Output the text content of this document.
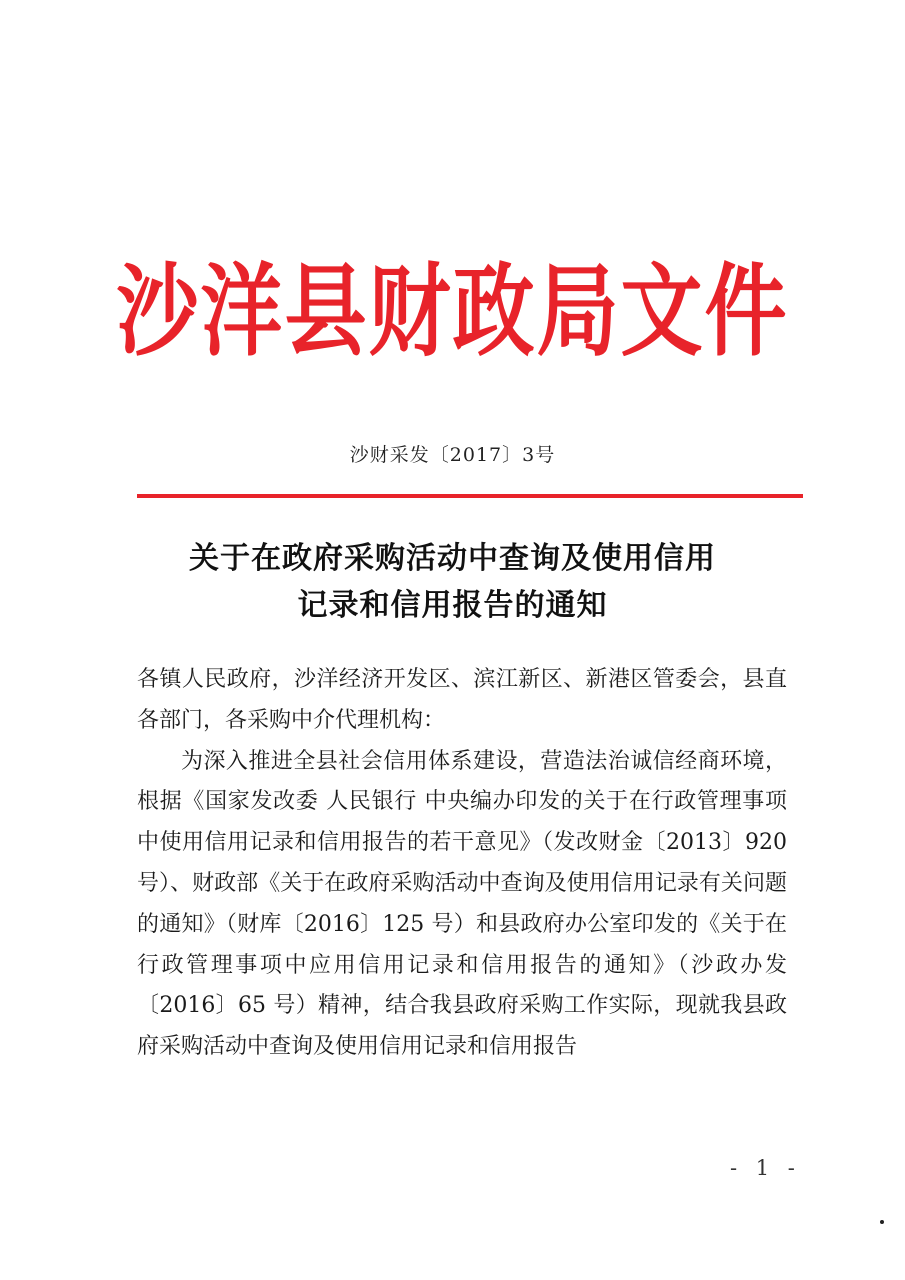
沙洋县财政局文件
沙财采发〔2017〕3号
关于在政府采购活动中查询及使用信用
记录和信用报告的通知

各镇人民政府，沙洋经济开发区、滨江新区、新港区管委会，县直各部门，各采购中介代理机构：

为深入推进全县社会信用体系建设，营造法治诚信经商环境，根据《国家发改委 人民银行 中央编办印发的关于在行政管理事项中使用信用记录和信用报告的若干意见》（发改财金〔2013〕920 号）、财政部《关于在政府采购活动中查询及使用信用记录有关问题的通知》（财库〔2016〕125 号）和县政府办公室印发的《关于在行政管理事项中应用信用记录和信用报告的通知》（沙政办发〔2016〕65 号）精神，结合我县政府采购工作实际，现就我县政府采购活动中查询及使用信用记录和信用报告

- 1 -
